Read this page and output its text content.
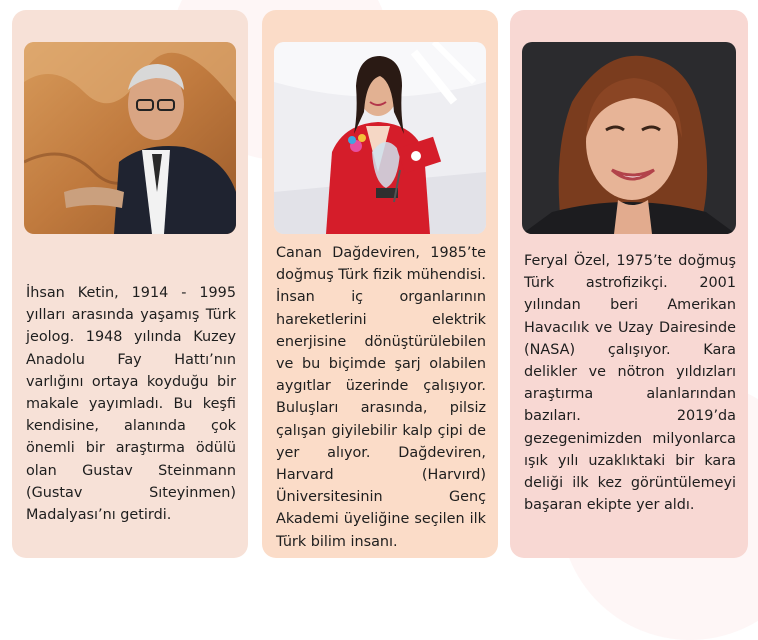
İhsan Ketin, 1914 - 1995 yılları arasında yaşamış Türk jeolog. 1948 yılında Kuzey Anadolu Fay Hattı’nın varlığını ortaya koyduğu bir makale yayımladı. Bu keşfi kendisine, alanında çok önemli bir araştırma ödülü olan Gustav Steinmann (Gustav Sıteyinmen) Madalyası’nı getirdi.

Canan Dağdeviren, 1985’te doğmuş Türk fizik mühendisi. İnsan iç organlarının hareketlerini elektrik enerjisine dönüştürülebilen ve bu biçimde şarj olabilen aygıtlar üzerinde çalışıyor. Buluşları arasında, pilsiz çalışan giyilebilir kalp çipi de yer alıyor. Dağdeviren, Harvard (Harvırd) Üniversitesinin Genç Akademi üyeliğine seçilen ilk Türk bilim insanı.

Feryal Özel, 1975’te doğmuş Türk astrofizikçi. 2001 yılından beri Amerikan Havacılık ve Uzay Dairesinde (NASA) çalışıyor. Kara delikler ve nötron yıldızları araştırma alanlarından bazıları. 2019’da gezegenimizden milyonlarca ışık yılı uzaklıktaki bir kara deliği ilk kez görüntülemeyi başaran ekipte yer aldı.
